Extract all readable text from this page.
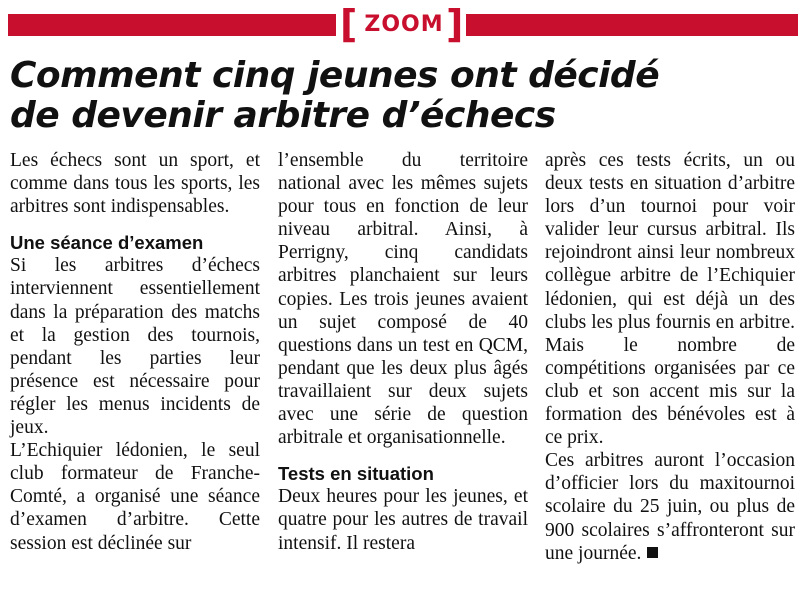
[ ZOOM ]
Comment cinq jeunes ont décidé
de devenir arbitre d’échecs

Les échecs sont un sport, et comme dans tous les sports, les arbitres sont indispensables.

Une séance d’examen

Si les arbitres d’échecs interviennent essentiellement dans la préparation des matchs et la gestion des tournois, pendant les parties leur présence est nécessaire pour régler les menus incidents de jeux.

L’Echiquier lédonien, le seul club formateur de Franche-Comté, a organisé une séance d’examen d’arbitre. Cette session est déclinée sur

l’ensemble du territoire national avec les mêmes sujets pour tous en fonction de leur niveau arbitral. Ainsi, à Perrigny, cinq candidats arbitres planchaient sur leurs copies. Les trois jeunes avaient un sujet composé de 40 questions dans un test en QCM, pendant que les deux plus âgés travaillaient sur deux sujets avec une série de question arbitrale et organisationnelle.

Tests en situation

Deux heures pour les jeunes, et quatre pour les autres de travail intensif. Il restera

après ces tests écrits, un ou deux tests en situation d’arbitre lors d’un tournoi pour voir valider leur cursus arbitral. Ils rejoindront ainsi leur nombreux collègue arbitre de l’Echiquier lédonien, qui est déjà un des clubs les plus fournis en arbitre. Mais le nombre de compétitions organisées par ce club et son accent mis sur la formation des bénévoles est à ce prix.

Ces arbitres auront l’occasion d’officier lors du maxitournoi scolaire du 25 juin, ou plus de 900 scolaires s’affronteront sur une journée.
